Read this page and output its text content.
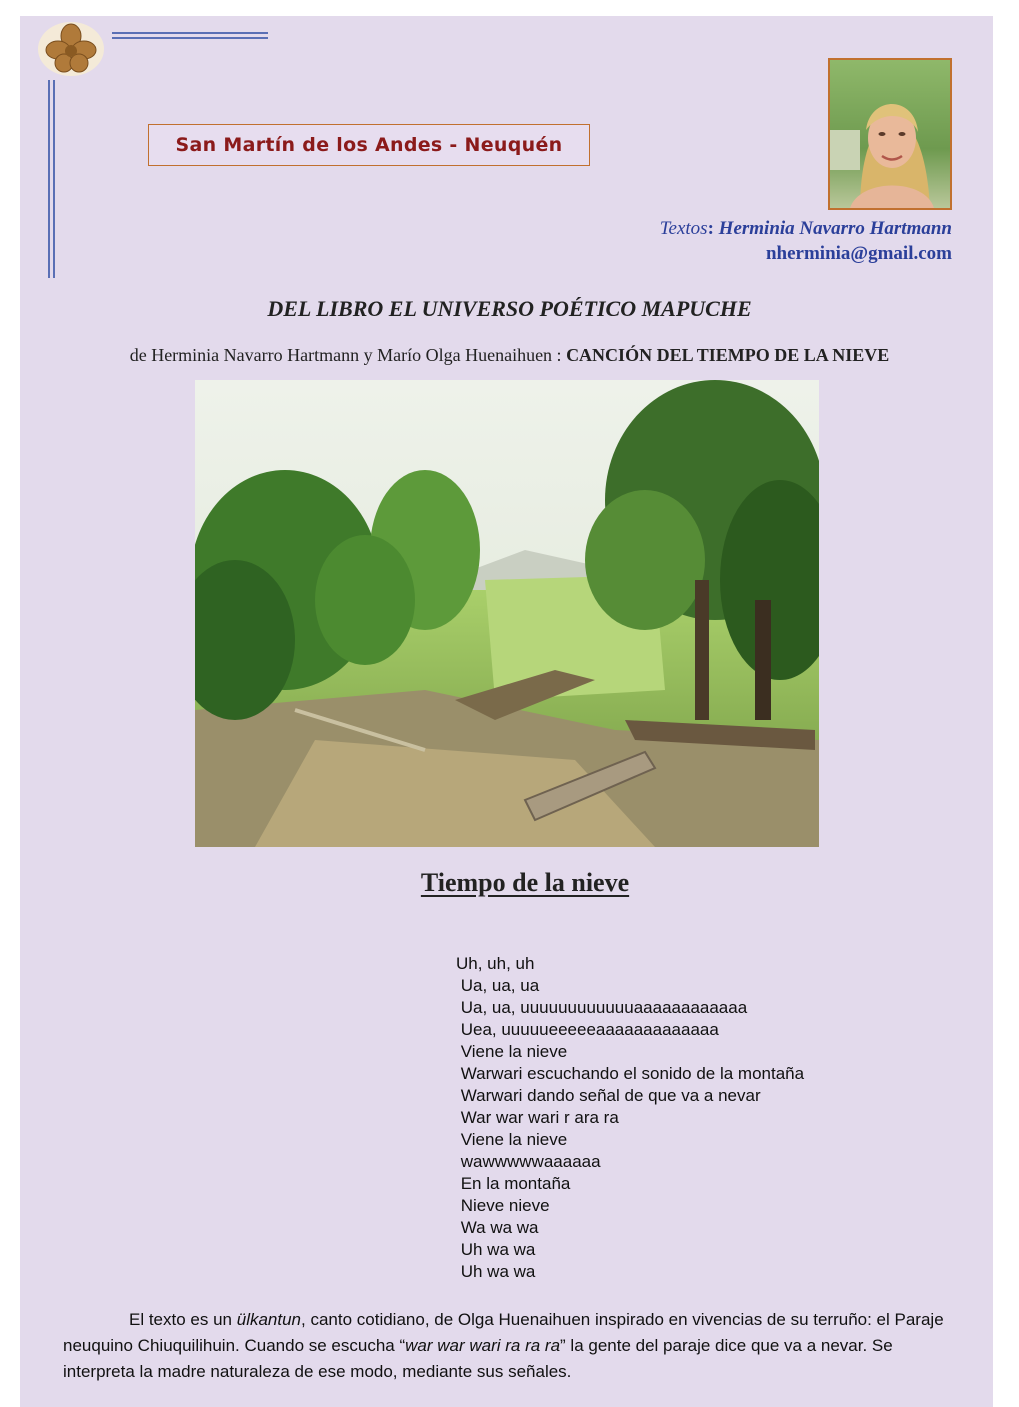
San Martín de los Andes - Neuquén
Textos: Herminia Navarro Hartmann
nherminia@gmail.com
DEL LIBRO EL UNIVERSO POÉTICO MAPUCHE
de Herminia Navarro Hartmann y Marío Olga Huenaihuen : CANCIÓN DEL TIEMPO DE LA NIEVE
Tiempo de la nieve
Uh, uh, uh
Ua, ua, ua
Ua, ua, uuuuuuuuuuuuaaaaaaaaaaaa
Uea, uuuuueeeeeaaaaaaaaaaaaa
Viene la nieve
Warwari escuchando el sonido de la montaña
Warwari dando señal de que va a nevar
War war wari r ara ra
Viene la nieve
wawwwwwaaaaaa
En la montaña
Nieve nieve
Wa wa wa
Uh wa wa
Uh wa wa
El texto es un ülkantun, canto cotidiano, de Olga Huenaihuen inspirado en vivencias de su terruño: el Paraje neuquino Chiuquilihuin. Cuando se escucha “war war wari ra ra ra” la gente del paraje dice que va a nevar. Se interpreta la madre naturaleza de ese modo, mediante sus señales.
